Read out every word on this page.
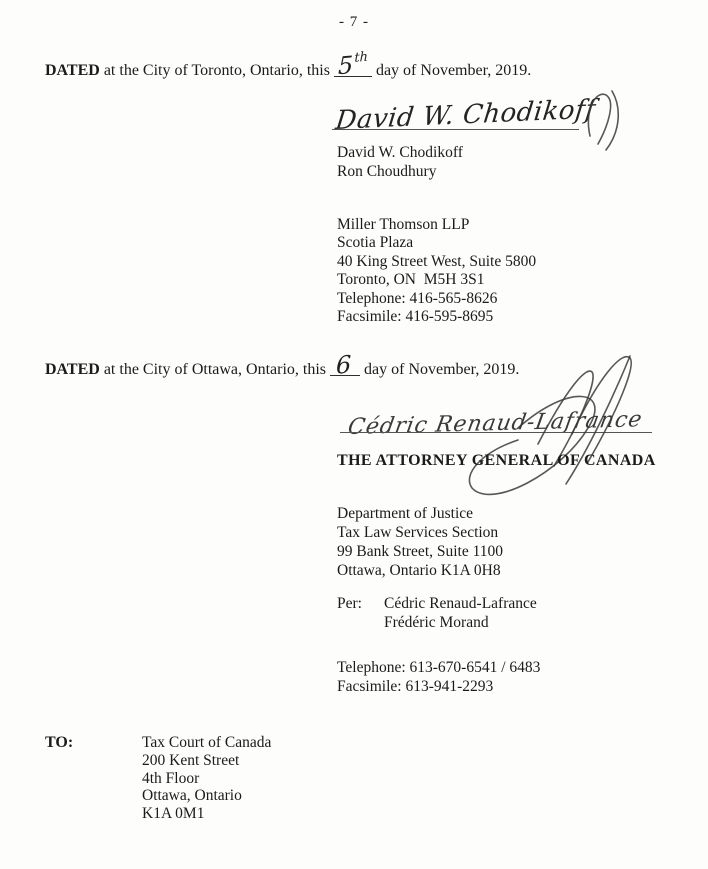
- 7 -
DATED at the City of Toronto, Ontario, this 5th
day of November, 2019.
David W. Chodikoff
David W. Chodikoff
Ron Choudhury
Miller Thomson LLP
Scotia Plaza
40 King Street West, Suite 5800
Toronto, ON  M5H 3S1
Telephone: 416-565-8626
Facsimile: 416-595-8695
DATED at the City of Ottawa, Ontario, this 6 day of November, 2019.
Cédric Renaud-Lafrance
THE ATTORNEY GENERAL OF CANADA
Department of Justice
Tax Law Services Section
99 Bank Street, Suite 1100
Ottawa, Ontario K1A 0H8
Per: Cédric Renaud-Lafrance
Frédéric Morand
Telephone: 613-670-6541 / 6483
Facsimile: 613-941-2293
TO:	Tax Court of Canada
200 Kent Street
4th Floor
Ottawa, Ontario
K1A 0M1
